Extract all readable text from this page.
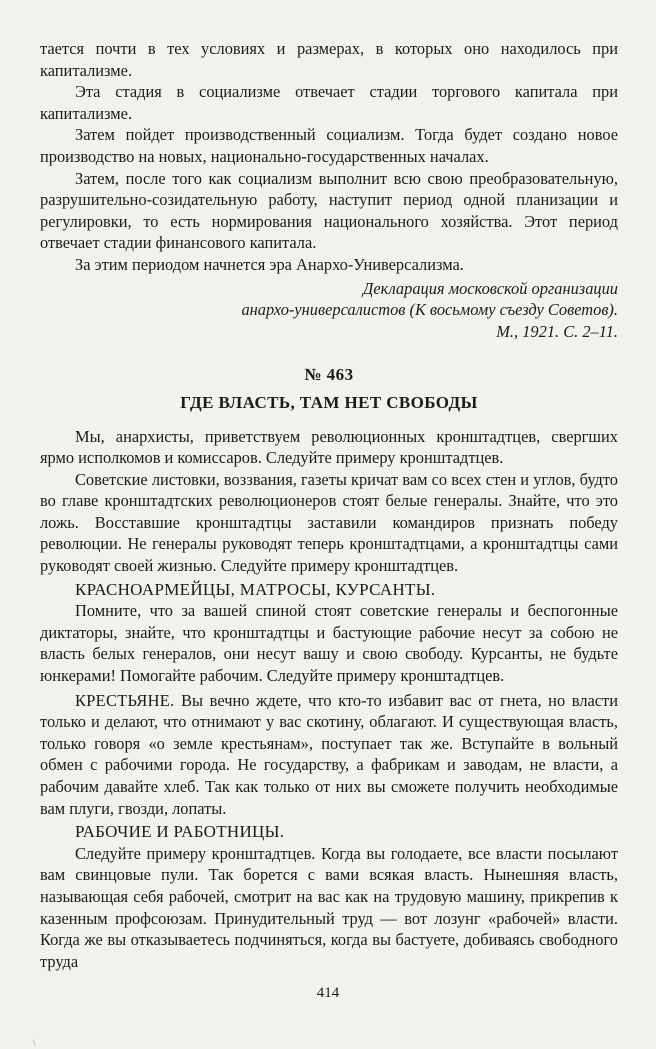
тается почти в тех условиях и размерах, в которых оно находилось при капитализме.

Эта стадия в социализме отвечает стадии торгового капитала при капитализме.

Затем пойдет производственный социализм. Тогда будет создано новое производство на новых, национально-государственных началах.

Затем, после того как социализм выполнит всю свою преобразовательную, разрушительно-созидательную работу, наступит период одной планизации и регулировки, то есть нормирования национального хозяйства. Этот период отвечает стадии финансового капитала.

За этим периодом начнется эра Анархо-Универсализма.

Декларация московской организации
анархо-универсалистов (К восьмому съезду Советов).
М., 1921. С. 2–11.
№ 463
ГДЕ ВЛАСТЬ, ТАМ НЕТ СВОБОДЫ

Мы, анархисты, приветствуем революционных кронштадтцев, свергших ярмо исполкомов и комиссаров. Следуйте примеру кронштадтцев.

Советские листовки, воззвания, газеты кричат вам со всех стен и углов, будто во главе кронштадтских революционеров стоят белые генералы. Знайте, что это ложь. Восставшие кронштадтцы заставили командиров признать победу революции. Не генералы руководят теперь кронштадтцами, а кронштадтцы сами руководят своей жизнью. Следуйте примеру кронштадтцев.

КРАСНОАРМЕЙЦЫ, МАТРОСЫ, КУРСАНТЫ.

Помните, что за вашей спиной стоят советские генералы и беспогонные диктаторы, знайте, что кронштадтцы и бастующие рабочие несут за собою не власть белых генералов, они несут вашу и свою свободу. Курсанты, не будьте юнкерами! Помогайте рабочим. Следуйте примеру кронштадтцев.

КРЕСТЬЯНЕ. Вы вечно ждете, что кто-то избавит вас от гнета, но власти только и делают, что отнимают у вас скотину, облагают. И существующая власть, только говоря «о земле крестьянам», поступает так же. Вступайте в вольный обмен с рабочими города. Не государству, а фабрикам и заводам, не власти, а рабочим давайте хлеб. Так как только от них вы сможете получить необходимые вам плуги, гвозди, лопаты.

РАБОЧИЕ И РАБОТНИЦЫ.

Следуйте примеру кронштадтцев. Когда вы голодаете, все власти посылают вам свинцовые пули. Так борется с вами всякая власть. Нынешняя власть, называющая себя рабочей, смотрит на вас как на трудовую машину, прикрепив к казенным профсоюзам. Принудительный труд — вот лозунг «рабочей» власти. Когда же вы отказываетесь подчиняться, когда вы бастуете, добиваясь свободного труда

414
\
